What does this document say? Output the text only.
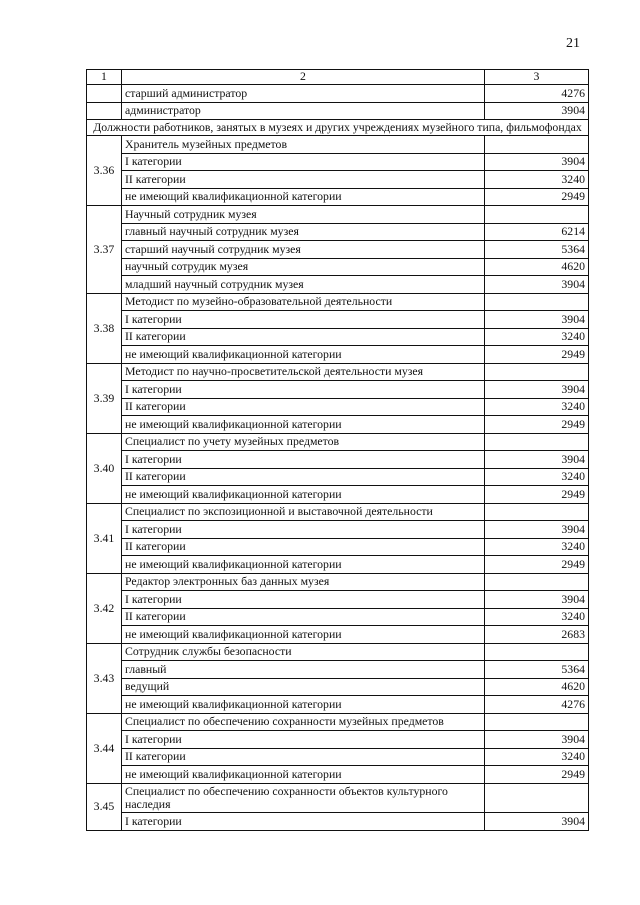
21
1	2	3
	старший администратор	4276
	администратор	3904
Должности работников, занятых в музеях и других учреждениях музейного типа, фильмофондах		
3.36	Хранитель музейных предметов	
	I категории	3904
	II категории	3240
	не имеющий квалификационной категории	2949
3.37	Научный сотрудник музея	
	главный научный сотрудник музея	6214
	старший научный сотрудник музея	5364
	научный сотрудик музея	4620
	младший научный сотрудник музея	3904
3.38	Методист по музейно-образовательной деятельности	
	I категории	3904
	II категории	3240
	не имеющий квалификационной категории	2949
3.39	Методист по научно-просветительской деятельности музея	
	I категории	3904
	II категории	3240
	не имеющий квалификационной категории	2949
3.40	Специалист по учету музейных предметов	
	I категории	3904
	II категории	3240
	не имеющий квалификационной категории	2949
3.41	Специалист по экспозиционной и выставочной деятельности	
	I категории	3904
	II категории	3240
	не имеющий квалификационной категории	2949
3.42	Редактор электронных баз данных музея	
	I категории	3904
	II категории	3240
	не имеющий квалификационной категории	2683
3.43	Сотрудник службы безопасности	
	главный	5364
	ведущий	4620
	не имеющий квалификационной категории	4276
3.44	Специалист по обеспечению сохранности музейных предметов	
	I категории	3904
	II категории	3240
	не имеющий квалификационной категории	2949
3.45	Специалист по обеспечению сохранности объектов культурного наследия	
	I категории	3904
